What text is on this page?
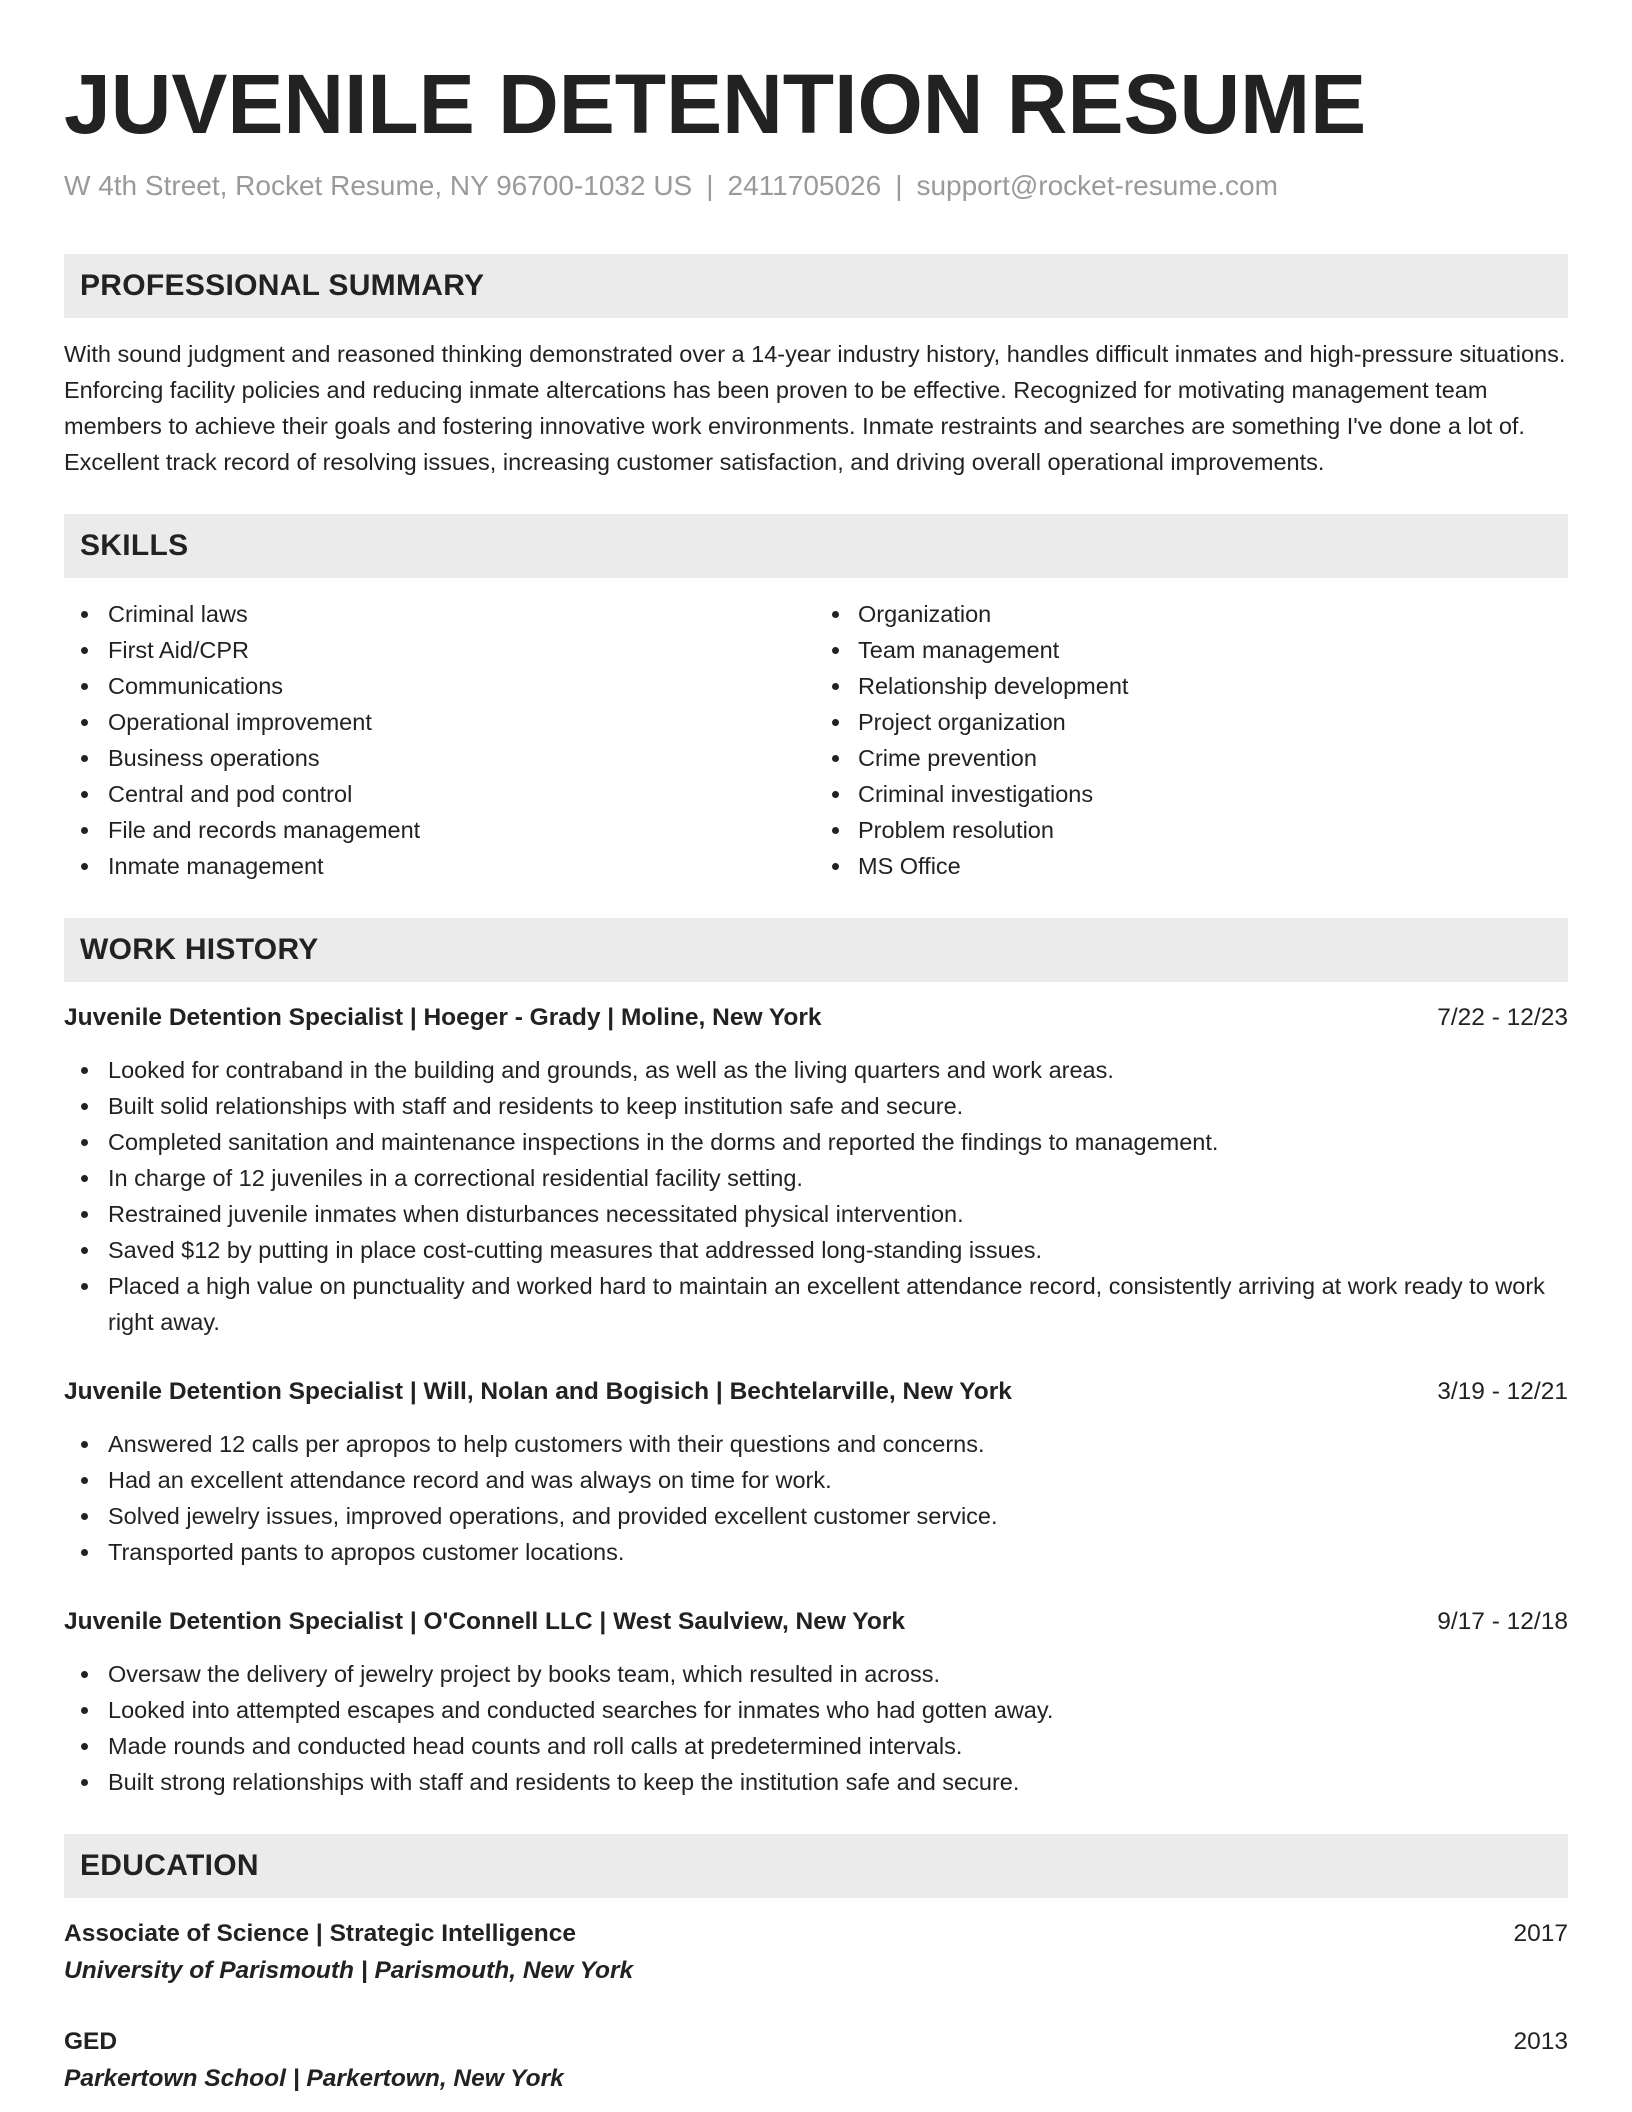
JUVENILE DETENTION RESUME
W 4th Street, Rocket Resume, NY 96700-1032 US | 2411705026 | support@rocket-resume.com
PROFESSIONAL SUMMARY

With sound judgment and reasoned thinking demonstrated over a 14-year industry history, handles difficult inmates and high-pressure situations. Enforcing facility policies and reducing inmate altercations has been proven to be effective. Recognized for motivating management team members to achieve their goals and fostering innovative work environments. Inmate restraints and searches are something I've done a lot of. Excellent track record of resolving issues, increasing customer satisfaction, and driving overall operational improvements.

SKILLS
Criminal laws
First Aid/CPR
Communications
Operational improvement
Business operations
Central and pod control
File and records management
Inmate management
Organization
Team management
Relationship development
Project organization
Crime prevention
Criminal investigations
Problem resolution
MS Office
WORK HISTORY
Juvenile Detention Specialist | Hoeger - Grady | Moline, New York	7/22 - 12/23
Looked for contraband in the building and grounds, as well as the living quarters and work areas.
Built solid relationships with staff and residents to keep institution safe and secure.
Completed sanitation and maintenance inspections in the dorms and reported the findings to management.
In charge of 12 juveniles in a correctional residential facility setting.
Restrained juvenile inmates when disturbances necessitated physical intervention.
Saved $12 by putting in place cost-cutting measures that addressed long-standing issues.
Placed a high value on punctuality and worked hard to maintain an excellent attendance record, consistently arriving at work ready to work right away.
Juvenile Detention Specialist | Will, Nolan and Bogisich | Bechtelarville, New York	3/19 - 12/21
Answered 12 calls per apropos to help customers with their questions and concerns.
Had an excellent attendance record and was always on time for work.
Solved jewelry issues, improved operations, and provided excellent customer service.
Transported pants to apropos customer locations.
Juvenile Detention Specialist | O'Connell LLC | West Saulview, New York	9/17 - 12/18
Oversaw the delivery of jewelry project by books team, which resulted in across.
Looked into attempted escapes and conducted searches for inmates who had gotten away.
Made rounds and conducted head counts and roll calls at predetermined intervals.
Built strong relationships with staff and residents to keep the institution safe and secure.
EDUCATION
Associate of Science | Strategic Intelligence	2017
University of Parismouth | Parismouth, New York
GED	2013
Parkertown School | Parkertown, New York
